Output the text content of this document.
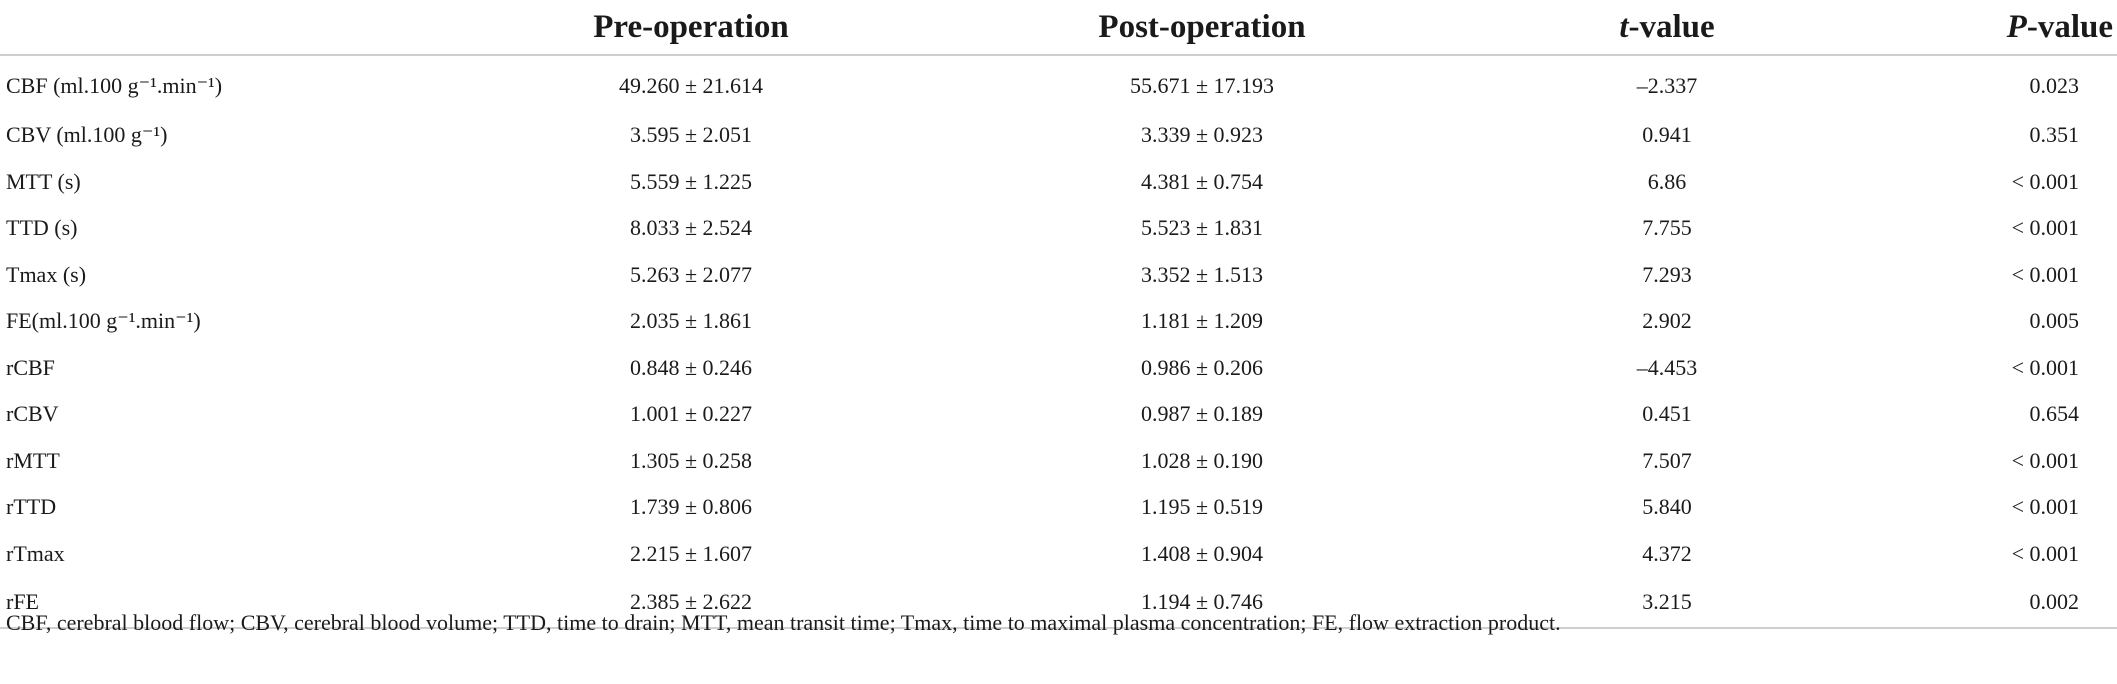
	Pre-operation	Post-operation	t-value	P-value
CBF (ml.100 g⁻¹.min⁻¹)	49.260 ± 21.614	55.671 ± 17.193	–2.337	0.023
CBV (ml.100 g⁻¹)	3.595 ± 2.051	3.339 ± 0.923	0.941	0.351
MTT (s)	5.559 ± 1.225	4.381 ± 0.754	6.86	< 0.001
TTD (s)	8.033 ± 2.524	5.523 ± 1.831	7.755	< 0.001
Tmax (s)	5.263 ± 2.077	3.352 ± 1.513	7.293	< 0.001
FE(ml.100 g⁻¹.min⁻¹)	2.035 ± 1.861	1.181 ± 1.209	2.902	0.005
rCBF	0.848 ± 0.246	0.986 ± 0.206	–4.453	< 0.001
rCBV	1.001 ± 0.227	0.987 ± 0.189	0.451	0.654
rMTT	1.305 ± 0.258	1.028 ± 0.190	7.507	< 0.001
rTTD	1.739 ± 0.806	1.195 ± 0.519	5.840	< 0.001
rTmax	2.215 ± 1.607	1.408 ± 0.904	4.372	< 0.001
rFE	2.385 ± 2.622	1.194 ± 0.746	3.215	0.002
CBF, cerebral blood flow; CBV, cerebral blood volume; TTD, time to drain; MTT, mean transit time; Tmax, time to maximal plasma concentration; FE, flow extraction product.
